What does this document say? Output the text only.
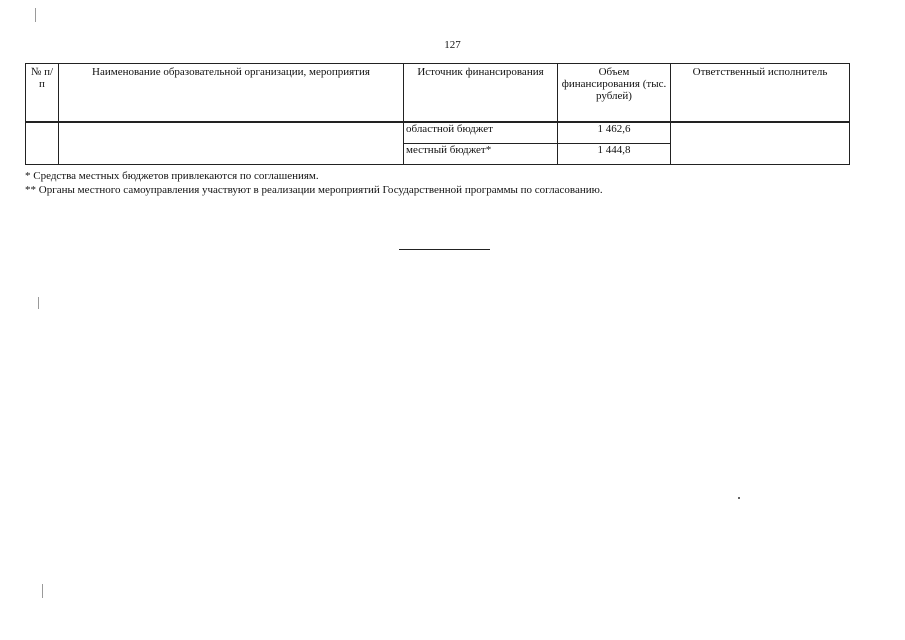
127
№ п/п	Наименование образовательной организации, мероприятия	Источник финансирования	Объем финансирования (тыс. рублей)	Ответственный исполнитель
		областной бюджет	1 462,6	
		местный бюджет*	1 444,8	
* Средства местных бюджетов привлекаются по соглашениям.
** Органы местного самоуправления участвуют в реализации мероприятий Государственной программы по согласованию.
